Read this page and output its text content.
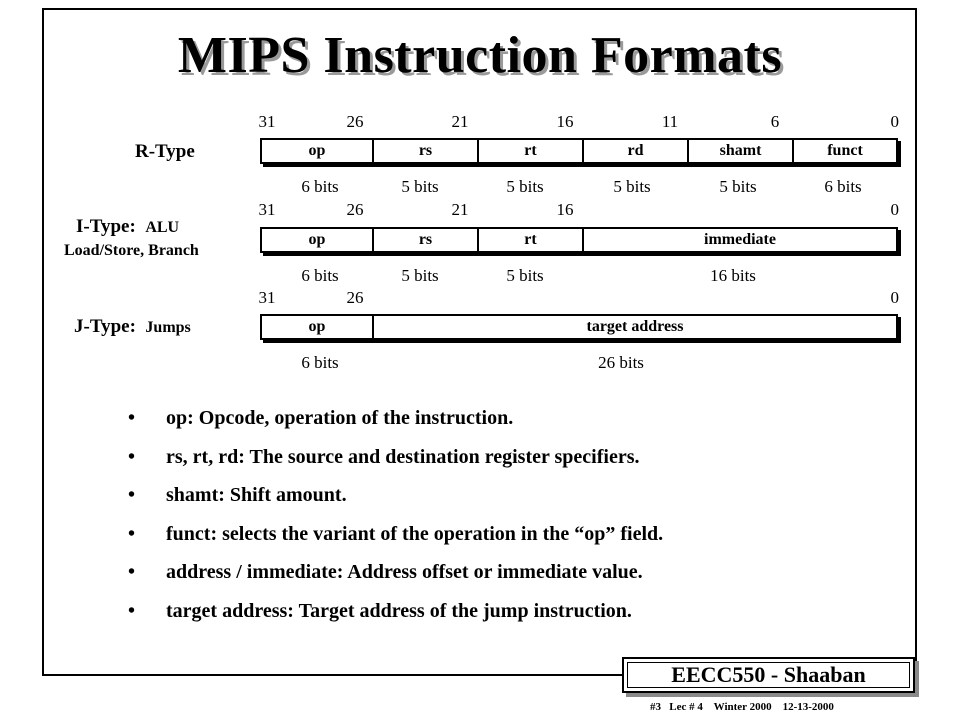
MIPS Instruction Formats
R-Type
31	26	21	16	11	6	0
op	rs	rt	rd	shamt	funct
6 bits	5 bits	5 bits	5 bits	5 bits	6 bits
I-Type: ALU
Load/Store, Branch
31	26	21	16	0
op	rs	rt	immediate
6 bits	5 bits	5 bits	16 bits
J-Type: Jumps
31	26	0
op	target address
6 bits	26 bits
• op: Opcode, operation of the instruction.
• rs, rt, rd: The source and destination register specifiers.
• shamt: Shift amount.
• funct: selects the variant of the operation in the “op” field.
• address / immediate: Address offset or immediate value.
• target address: Target address of the jump instruction.
EECC550 - Shaaban
#3   Lec # 4    Winter 2000    12-13-2000
